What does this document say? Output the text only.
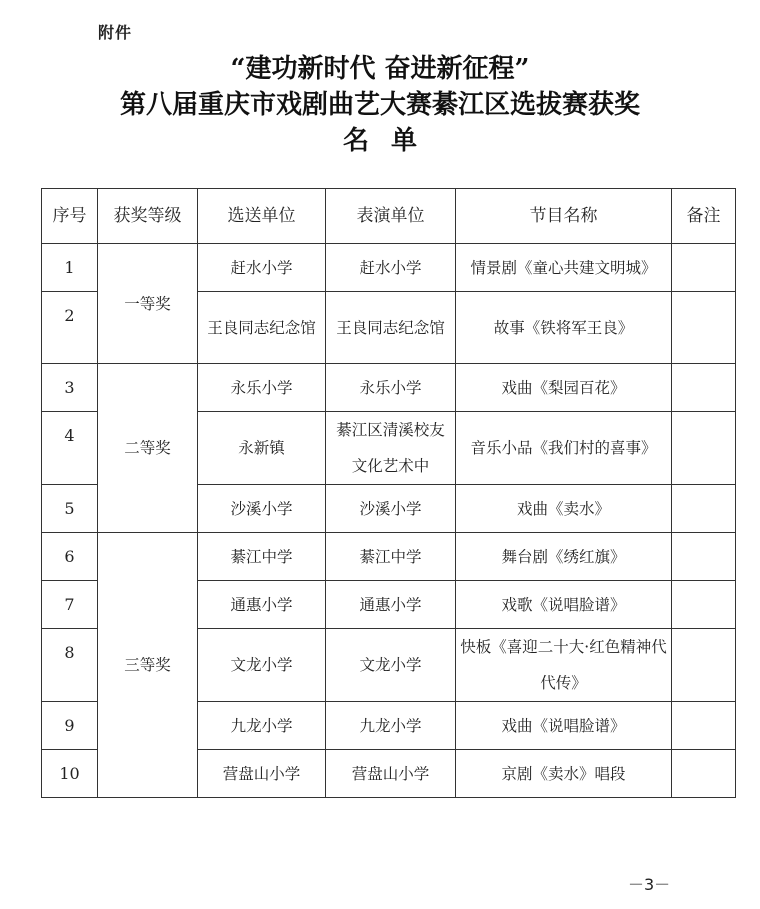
附件
“建功新时代 奋进新征程”
第八届重庆市戏剧曲艺大赛綦江区选拔赛获奖
名单
序号	获奖等级	选送单位	表演单位	节目名称	备注
1	一等奖	赶水小学	赶水小学	情景剧《童心共建文明城》	
2		王良同志纪念馆	王良同志纪念馆	故事《铁将军王良》	
3	二等奖	永乐小学	永乐小学	戏曲《梨园百花》	
4		永新镇	綦江区清溪校友文化艺术中	音乐小品《我们村的喜事》	
5		沙溪小学	沙溪小学	戏曲《卖水》	
6	三等奖	綦江中学	綦江中学	舞台剧《绣红旗》	
7		通惠小学	通惠小学	戏歌《说唱脸谱》	
8		文龙小学	文龙小学	快板《喜迎二十大·红色精神代代传》	
9		九龙小学	九龙小学	戏曲《说唱脸谱》	
10		营盘山小学	营盘山小学	京剧《卖水》唱段	
－3－
